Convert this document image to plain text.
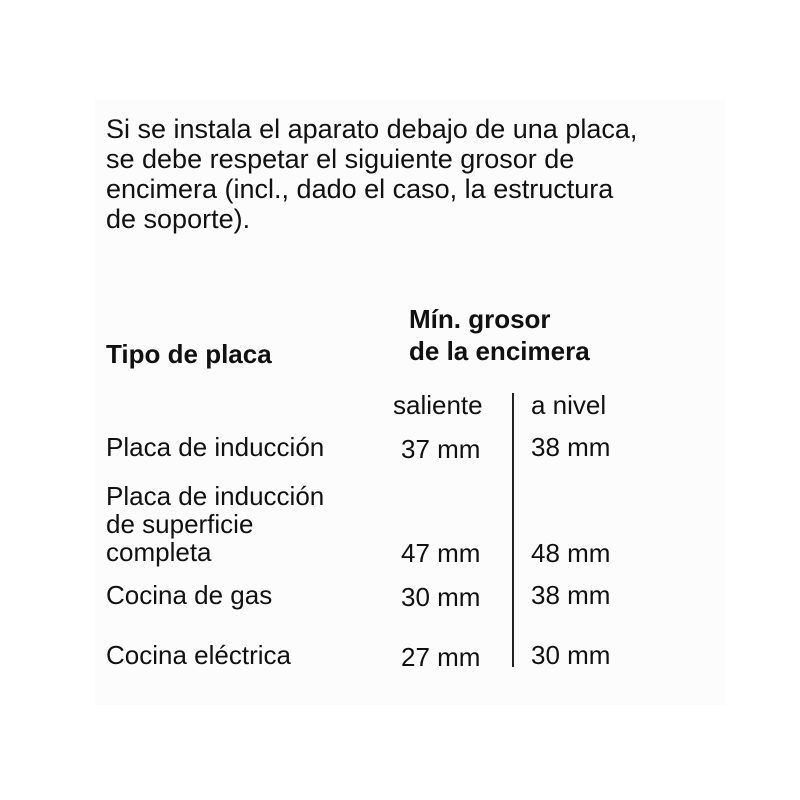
Si se instala el aparato debajo de una placa,
se debe respetar el siguiente grosor de
encimera (incl., dado el caso, la estructura
de soporte).

Tipo de placa
Mín. grosor
de la encimera
saliente a nivel
Placa de inducción	37 mm 38 mm
Placa de inducción
de superficie
completa	47 mm 48 mm
Cocina de gas	30 mm 38 mm
Cocina eléctrica	27 mm 30 mm
